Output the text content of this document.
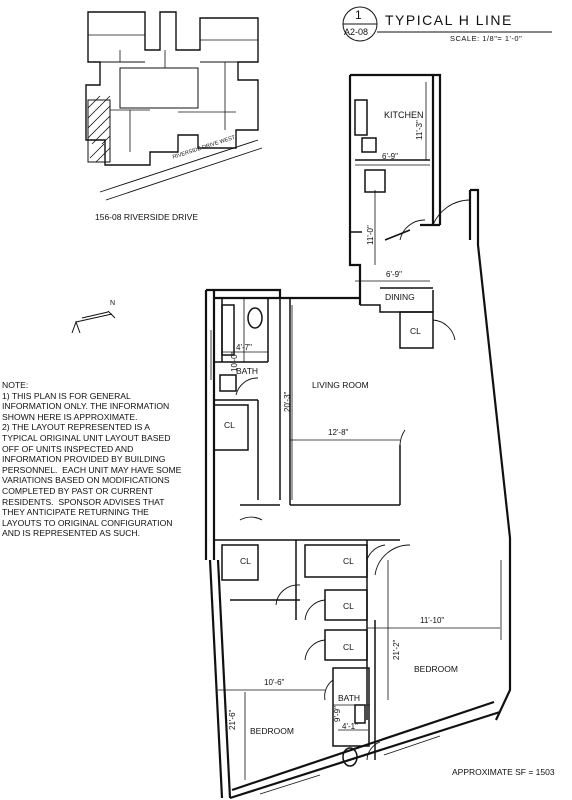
1
A2-08
TYPICAL H LINE
SCALE: 1/8"= 1'-0"
RIVERSIDE DRIVE WEST
156-08 RIVERSIDE DRIVE
N
NOTE:
1) THIS PLAN IS FOR GENERAL INFORMATION ONLY. THE INFORMATION SHOWN HERE IS APPROXIMATE.
2) THE LAYOUT REPRESENTED IS A TYPICAL ORIGINAL UNIT LAYOUT BASED OFF OF UNITS INSPECTED AND INFORMATION PROVIDED BY BUILDING PERSONNEL.  EACH UNIT MAY HAVE SOME VARIATIONS BASED ON MODIFICATIONS COMPLETED BY PAST OR CURRENT RESIDENTS.  SPONSOR ADVISES THAT THEY ANTICIPATE RETURNING THE LAYOUTS TO ORIGINAL CONFIGURATION AND IS REPRESENTED AS SUCH.
KITCHEN
DINING
LIVING ROOM
BATH
BATH
BEDROOM
BEDROOM
CL
CL
CL	CL
CL
CL
11'-3"
6'-9"
11'-0"
6'-9"
4'-7"
10'-0"
20'-3"
12'-8"
11'-10"
21'-2"
10'-6"
21'-6"	9'-9"
4'-1"
APPROXIMATE SF = 1503
